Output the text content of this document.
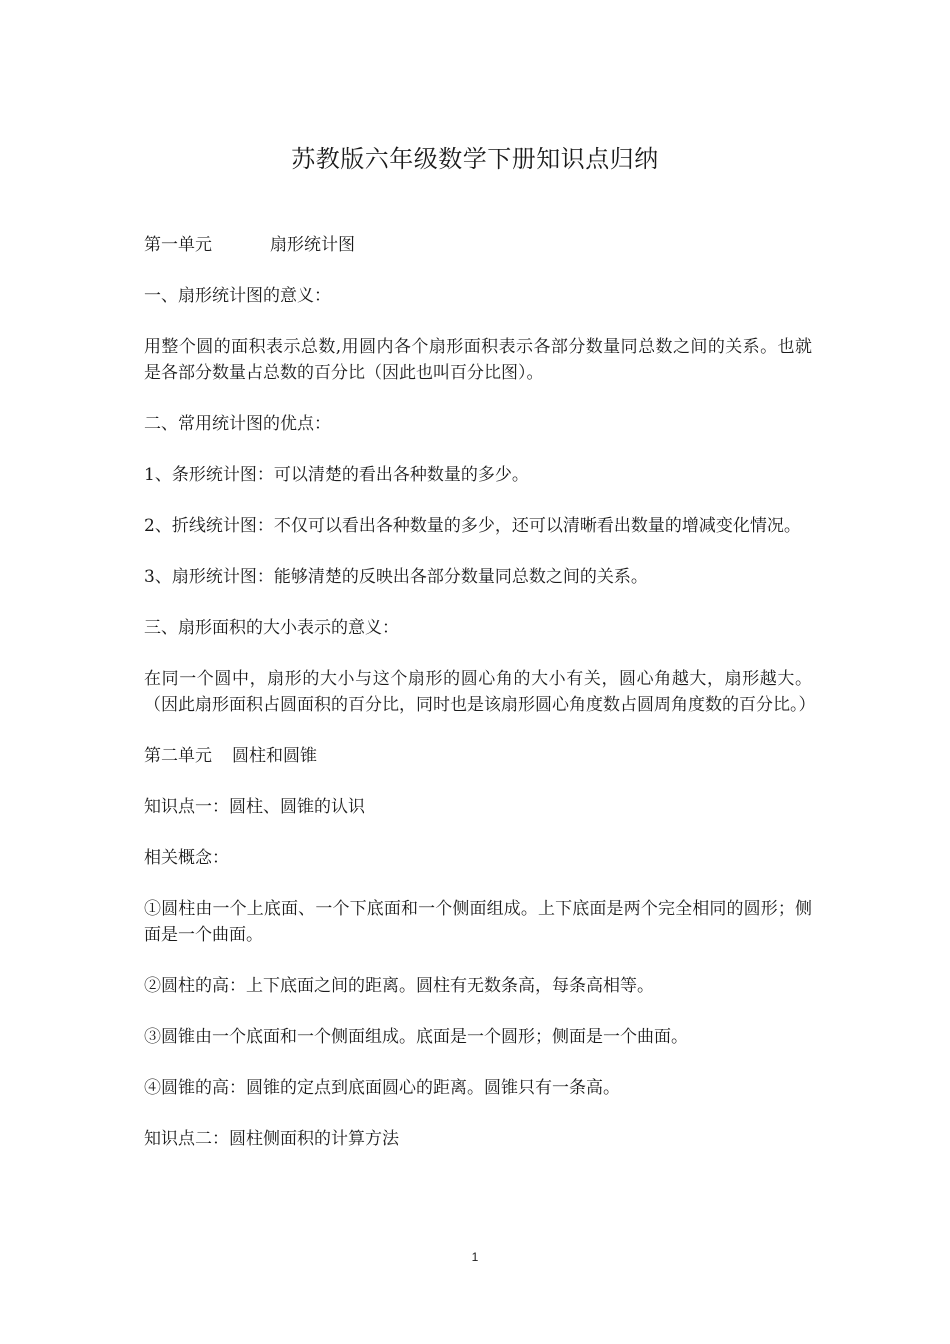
苏教版六年级数学下册知识点归纳

第一单元	扇形统计图

一、扇形统计图的意义：

用整个圆的面积表示总数,用圆内各个扇形面积表示各部分数量同总数之间的关系。也就是各部分数量占总数的百分比（因此也叫百分比图）。

二、常用统计图的优点：

1、条形统计图：可以清楚的看出各种数量的多少。

2、折线统计图：不仅可以看出各种数量的多少，还可以清晰看出数量的增减变化情况。

3、扇形统计图：能够清楚的反映出各部分数量同总数之间的关系。

三、扇形面积的大小表示的意义：

在同一个圆中，扇形的大小与这个扇形的圆心角的大小有关，圆心角越大，扇形越大。（因此扇形面积占圆面积的百分比，同时也是该扇形圆心角度数占圆周角度数的百分比。）

第二单元 圆柱和圆锥

知识点一：圆柱、圆锥的认识

相关概念：

①圆柱由一个上底面、一个下底面和一个侧面组成。上下底面是两个完全相同的圆形；侧面是一个曲面。

②圆柱的高：上下底面之间的距离。圆柱有无数条高，每条高相等。

③圆锥由一个底面和一个侧面组成。底面是一个圆形；侧面是一个曲面。

④圆锥的高：圆锥的定点到底面圆心的距离。圆锥只有一条高。

知识点二：圆柱侧面积的计算方法

1
